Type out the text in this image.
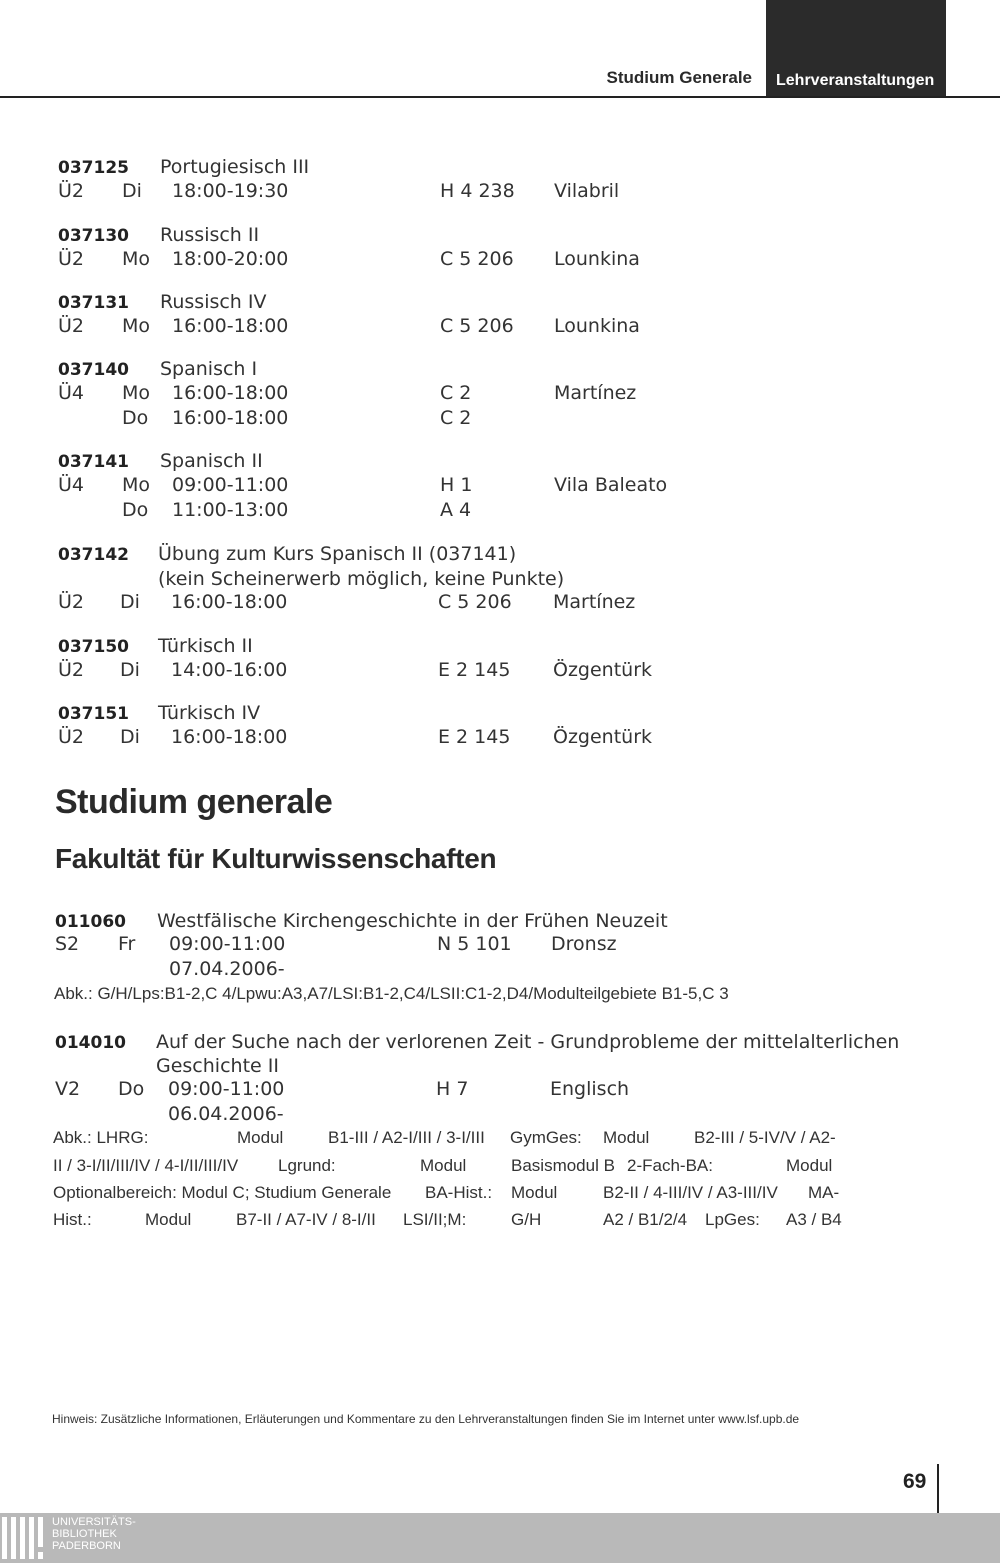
Studium Generale Lehrveranstaltungen
037125 Portugiesisch III
Ü2 Di 18:00-19:30	H 4 238 Vilabril
037130 Russisch II
Ü2 Mo 18:00-20:00	C 5 206 Lounkina
037131 Russisch IV
Ü2 Mo 16:00-18:00	C 5 206 Lounkina
037140 Spanisch I
Ü4 Mo 16:00-18:00	C 2	Martínez
Do 16:00-18:00	C 2
037141 Spanisch II
Ü4 Mo 09:00-11:00	H 1	Vila Baleato
Do 11:00-13:00	A 4
037142 Übung zum Kurs Spanisch II (037141)
(kein Scheinerwerb möglich, keine Punkte)
Ü2 Di 16:00-18:00	C 5 206 Martínez
037150 Türkisch II
Ü2 Di 14:00-16:00	E 2 145 Özgentürk
037151 Türkisch IV
Ü2 Di 16:00-18:00	E 2 145 Özgentürk
Studium generale
Fakultät für Kulturwissenschaften
011060 Westfälische Kirchengeschichte in der Frühen Neuzeit
S2 Fr 09:00-11:00	N 5 101 Dronsz
07.04.2006-
Abk.: G/H/Lps:B1-2,C 4/Lpwu:A3,A7/LSI:B1-2,C4/LSII:C1-2,D4/Modulteilgebiete B1-5,C 3
014010 Auf der Suche nach der verlorenen Zeit - Grundprobleme der mittelalterlichen
Geschichte II
V2 Do 09:00-11:00	H 7	Englisch
06.04.2006-
Abk.: LHRG:	Modul	B1-III / A2-I/III / 3-I/III GymGes: Modul	B2-III / 5-IV/V / A2-
II / 3-I/II/III/IV / 4-I/II/III/IV Lgrund:	Modul	Basismodul B 2-Fach-BA:	Modul
Optionalbereich: Modul C; Studium Generale BA-Hist.: Modul	B2-II / 4-III/IV / A3-III/IV MA-
Hist.:	Modul	B7-II / A7-IV / 8-I/II LSI/II;M:	G/H	A2 / B1/2/4 LpGes: A3 / B4
Hinweis: Zusätzliche Informationen, Erläuterungen und Kommentare zu den Lehrveranstaltungen finden Sie im Internet unter www.lsf.upb.de
69
UNIVERSITÄTS-
BIBLIOTHEK
PADERBORN
